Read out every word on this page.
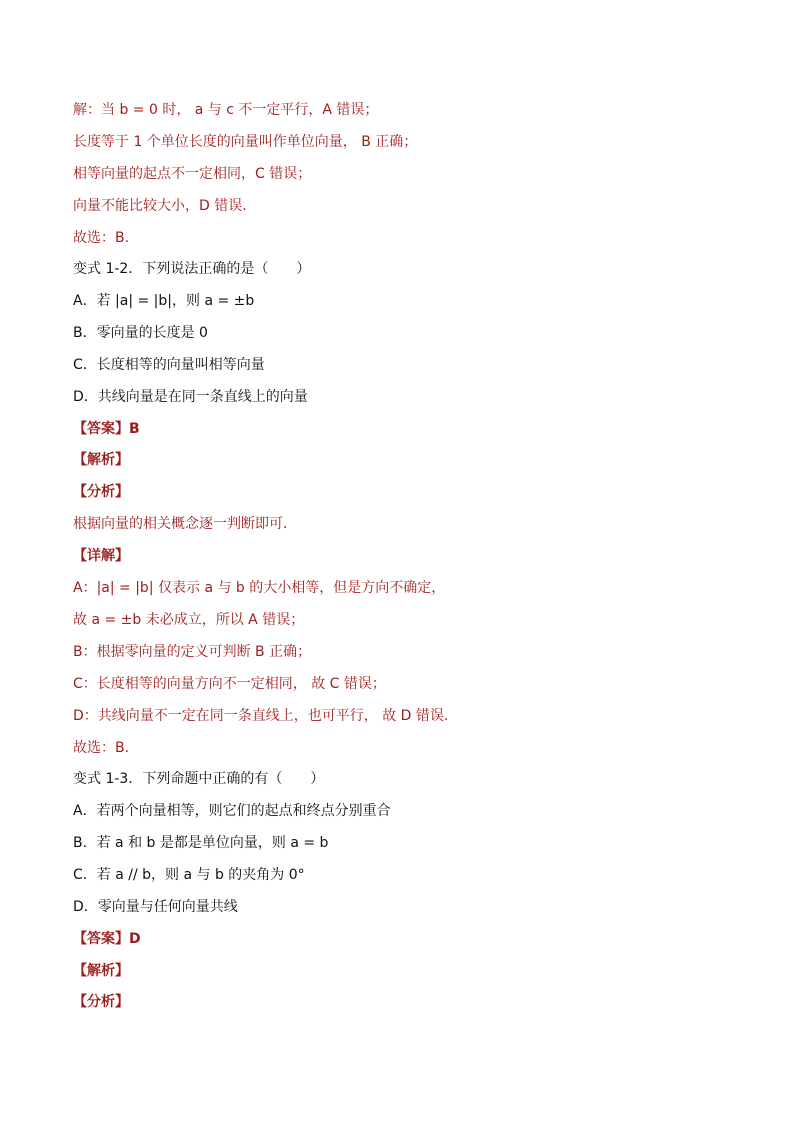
解：当 b = 0 时， a 与 c 不一定平行，A 错误；
长度等于 1 个单位长度的向量叫作单位向量， B 正确；
相等向量的起点不一定相同，C 错误；
向量不能比较大小，D 错误．
故选：B.
变式 1-2．下列说法正确的是（　　）
A．若 |a| = |b|，则 a = ±b
B．零向量的长度是 0
C．长度相等的向量叫相等向量
D．共线向量是在同一条直线上的向量
【答案】B
【解析】
【分析】
根据向量的相关概念逐一判断即可．
【详解】
A：|a| = |b| 仅表示 a 与 b 的大小相等，但是方向不确定，
故 a = ±b 未必成立，所以 A 错误；
B：根据零向量的定义可判断 B 正确；
C：长度相等的向量方向不一定相同， 故 C 错误；
D：共线向量不一定在同一条直线上，也可平行， 故 D 错误.
故选：B.
变式 1-3．下列命题中正确的有（　　）
A．若两个向量相等，则它们的起点和终点分别重合
B．若 a 和 b 是都是单位向量，则 a = b
C．若 a // b，则 a 与 b 的夹角为 0°
D．零向量与任何向量共线
【答案】D
【解析】
【分析】
